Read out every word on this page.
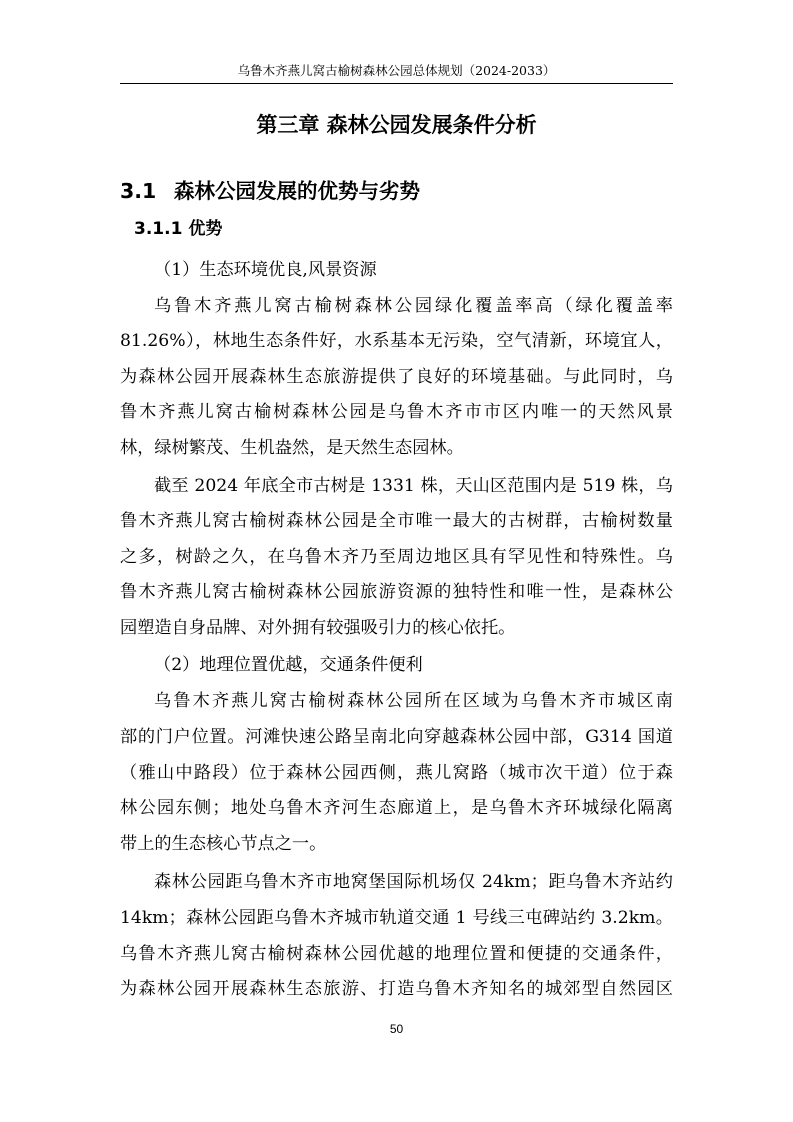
乌鲁木齐燕儿窝古榆树森林公园总体规划（2024-2033）
第三章 森林公园发展条件分析
3.1 森林公园发展的优势与劣势
3.1.1 优势
（1）生态环境优良,风景资源
乌鲁木齐燕儿窝古榆树森林公园绿化覆盖率高（绿化覆盖率
81.26%），林地生态条件好，水系基本无污染，空气清新，环境宜人，
为森林公园开展森林生态旅游提供了良好的环境基础。与此同时，乌
鲁木齐燕儿窝古榆树森林公园是乌鲁木齐市市区内唯一的天然风景
林，绿树繁茂、生机盎然，是天然生态园林。
截至 2024 年底全市古树是 1331 株，天山区范围内是 519 株，乌
鲁木齐燕儿窝古榆树森林公园是全市唯一最大的古树群，古榆树数量
之多，树龄之久，在乌鲁木齐乃至周边地区具有罕见性和特殊性。乌
鲁木齐燕儿窝古榆树森林公园旅游资源的独特性和唯一性，是森林公
园塑造自身品牌、对外拥有较强吸引力的核心依托。
（2）地理位置优越，交通条件便利
乌鲁木齐燕儿窝古榆树森林公园所在区域为乌鲁木齐市城区南
部的门户位置。河滩快速公路呈南北向穿越森林公园中部，G314 国道
（雅山中路段）位于森林公园西侧，燕儿窝路（城市次干道）位于森
林公园东侧；地处乌鲁木齐河生态廊道上，是乌鲁木齐环城绿化隔离
带上的生态核心节点之一。
森林公园距乌鲁木齐市地窝堡国际机场仅 24km；距乌鲁木齐站约
14km；森林公园距乌鲁木齐城市轨道交通 1 号线三屯碑站约 3.2km。
乌鲁木齐燕儿窝古榆树森林公园优越的地理位置和便捷的交通条件，
为森林公园开展森林生态旅游、打造乌鲁木齐知名的城郊型自然园区
50
